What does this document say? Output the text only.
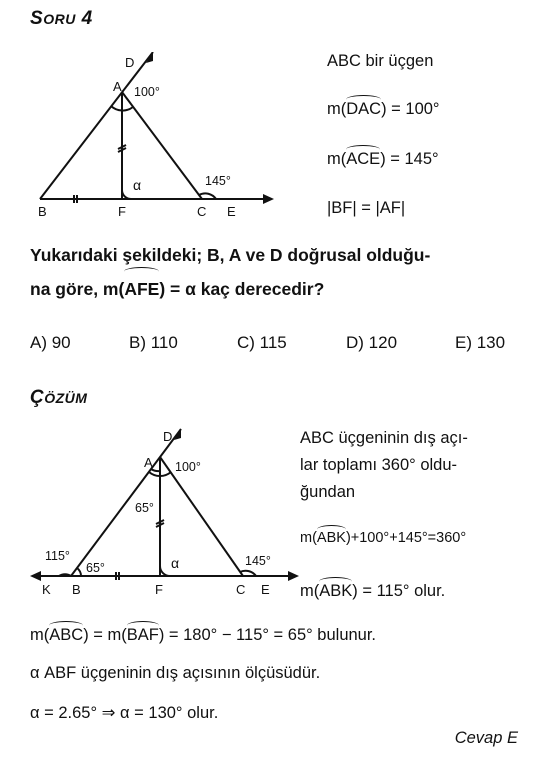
SORU 4
D
A
B	F	C E
100°
145°
α
ABC bir üçgen
m(DAC) = 100°
m(ACE) = 145°
|BF| = |AF|
Yukarıdaki şekildeki; B, A ve D doğrusal olduğu-
na göre, m(AFE) = α kaç derecedir?
A) 90	B) 110	C) 115	D) 120	E) 130
ÇÖZÜM
D
A
K B	F	C E
100°
65°
115°
65°	145°
α
ABC üçgeninin dış açı-
lar toplamı 360° oldu-
ğundan
m(ABK)+100°+145°=360°
m(ABK) = 115° olur.
m(ABC) = m(BAF) = 180° − 115° = 65° bulunur.
α ABF üçgeninin dış açısının ölçüsüdür.
α = 2.65° ⇒ α = 130° olur.
Cevap E
